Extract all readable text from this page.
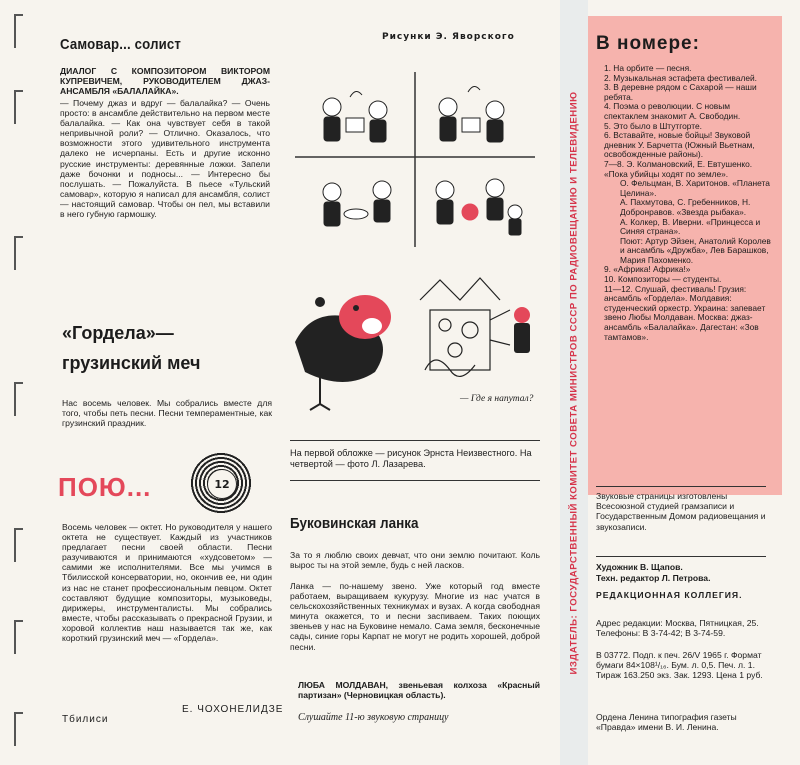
Самовар... солист

ДИАЛОГ С КОМПОЗИТОРОМ ВИКТОРОМ КУПРЕВИЧЕМ, РУКОВОДИТЕЛЕМ ДЖАЗ-АНСАМБЛЯ «БАЛАЛАЙКА».

— Почему джаз и вдруг — балалайка? — Очень просто: в ансамбле действительно на первом месте балалайка. — Как она чувствует себя в такой непривычной роли? — Отлично. Оказалось, что возможности этого удивительного инструмента далеко не исчерпаны. Есть и другие исконно русские инструменты: деревянные ложки. Запели даже бочонки и подносы... — Интересно бы послушать. — Пожалуйста. В пьесе «Тульский самовар», которую я написал для ансамбля, солист — настоящий самовар. Чтобы он пел, мы вставили в него губную гармошку.

«Гордела»— грузинский меч

Нас восемь человек. Мы собрались вместе для того, чтобы петь песни. Песни темпераментные, как грузинский праздник.

ПОЮ...	12

Восемь человек — октет. Но руководителя у нашего октета не существует. Каждый из участников предлагает песни своей области. Песни разучиваются и принимаются «худсоветом» — самими же исполнителями. Все мы учимся в Тбилисской консерватории, но, окончив ее, ни один из нас не станет профессиональным певцом. Октет составляют будущие композиторы, музыковеды, дирижеры, инструменталисты. Мы собрались вместе, чтобы рассказывать о прекрасной Грузии, и хоровой коллектив наш называется так же, как короткий грузинский меч — «Гордела».

Тбилиси
Е. ЧОХОНЕЛИДЗЕ
Рисунки Э. Яворского
— Где я напутал?

На первой обложке — рисунок Эрнста Неизвестного. На четвертой — фото Л. Лазарева.

Буковинская ланка

За то я люблю своих девчат, что они землю почитают. Коль вырос ты на этой земле, будь с ней ласков.

Ланка — по-нашему звено. Уже который год вместе работаем, выращиваем кукурузу. Многие из нас учатся в сельскохозяйственных техникумах и вузах. А когда свободная минута окажется, то и песни заспиваем. Таких поющих звеньев у нас на Буковине немало. Сама земля, бесконечные сады, синие горы Карпат не могут не родить хорошей, доброй песни.

ЛЮБА МОЛДАВАН, звеньевая колхоза «Красный партизан» (Черновицкая область).

Слушайте 11-ю звуковую страницу
ИЗДАТЕЛЬ: ГОСУДАРСТВЕННЫЙ КОМИТЕТ СОВЕТА МИНИСТРОВ СССР ПО РАДИОВЕЩАНИЮ И ТЕЛЕВИДЕНИЮ
В номере:
1. На орбите — песня.
2. Музыкальная эстафета фестивалей.
3. В деревне рядом с Сахарой — наши ребята.
4. Поэма о революции. С новым спектаклем знакомит А. Свободин.
5. Это было в Штутгорте.
6. Вставайте, новые бойцы! Звуковой дневник У. Барчетта (Южный Вьетнам, освобожденные районы).
7—8. Э. Колмановский, Е. Евтушенко. «Пока убийцы ходят по земле».
О. Фельцман, В. Харитонов. «Планета Целина».
А. Пахмутова, С. Гребенников, Н. Добронравов. «Звезда рыбака».
А. Колкер, В. Иверни. «Принцесса и Синяя страна».
Поют: Артур Эйзен, Анатолий Королев и ансамбль «Дружба», Лев Барашков, Мария Пахоменко.
9. «Африка! Африка!»
10. Композиторы — студенты.
11—12. Слушай, фестиваль! Грузия: ансамбль «Гордела». Молдавия: студенческий оркестр. Украина: запевает звено Любы Молдаван. Москва: джаз-ансамбль «Балалайка». Дагестан: «Зов тамтамов».
Звуковые страницы изготовлены Всесоюзной студией грамзаписи и Государственным Домом радиовещания и звукозаписи.
Художник В. Щапов.
Техн. редактор Л. Петрова.
РЕДАКЦИОННАЯ КОЛЛЕГИЯ.
Адрес редакции: Москва, Пятницкая, 25. Телефоны: В 3-74-42; В 3-74-59.
В 03772. Подп. к печ. 26/V 1965 г. Формат бумаги 84×108¹/₁₆. Бум. л. 0,5. Печ. л. 1. Тираж 163.250 экз. Зак. 1293. Цена 1 руб.
Ордена Ленина типография газеты «Правда» имени В. И. Ленина.
